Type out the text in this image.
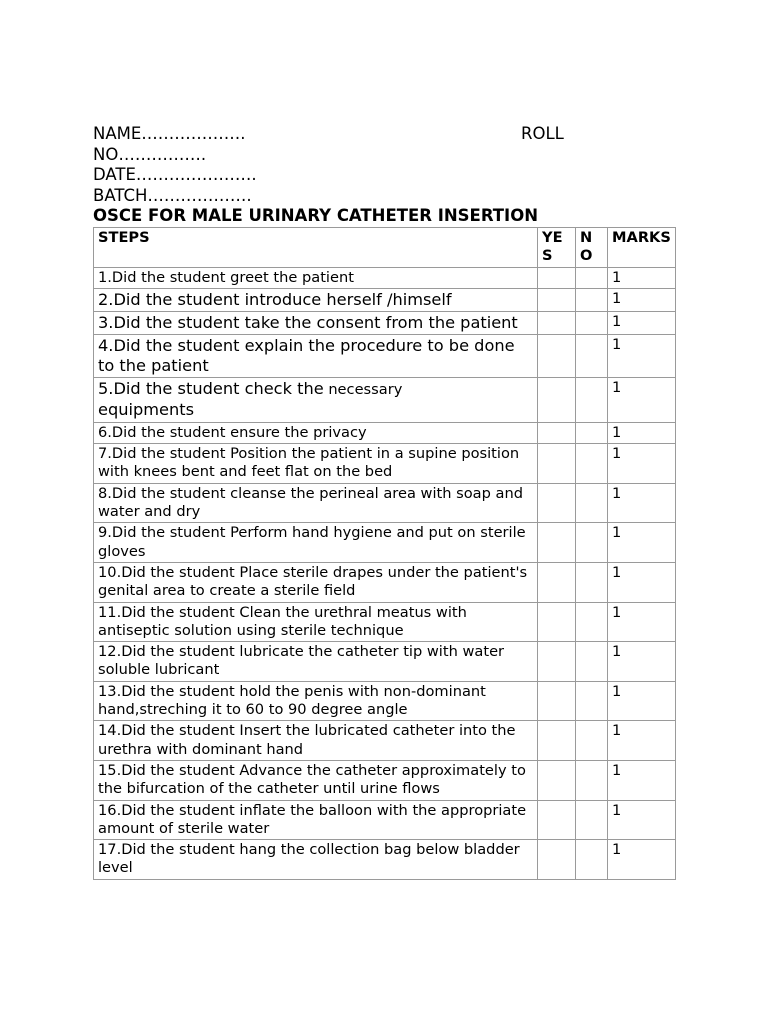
NAME……………….	ROLL
NO…………….
DATE………………….
BATCH……………….
OSCE FOR MALE URINARY CATHETER INSERTION
STEPS	YES	NO	MARKS
1.Did the student greet the patient			1
2.Did the student introduce herself /himself			1
3.Did the student take the consent from the patient			1
4.Did the student explain the procedure to be done to the patient			1
5.Did the student check the necessary
equipments			1
6.Did the student ensure the privacy			1
7.Did the student Position the patient in a supine position with knees bent and feet flat on the bed			1
8.Did the student cleanse the perineal area with soap and water and dry			1
9.Did the student Perform hand hygiene and put on sterile gloves			1
10.Did the student Place sterile drapes under the patient's genital area to create a sterile field			1
11.Did the student Clean the urethral meatus with antiseptic solution using sterile technique			1
12.Did the student lubricate the catheter tip with water soluble lubricant			1
13.Did the student hold the penis with non-dominant hand,streching it to 60 to 90 degree angle			1
14.Did the student Insert the lubricated catheter into the urethra with dominant hand			1
15.Did the student Advance the catheter approximately to the bifurcation of the catheter until urine flows			1
16.Did the student inflate the balloon with the appropriate amount of sterile water			1
17.Did the student hang the collection bag below bladder level			1
